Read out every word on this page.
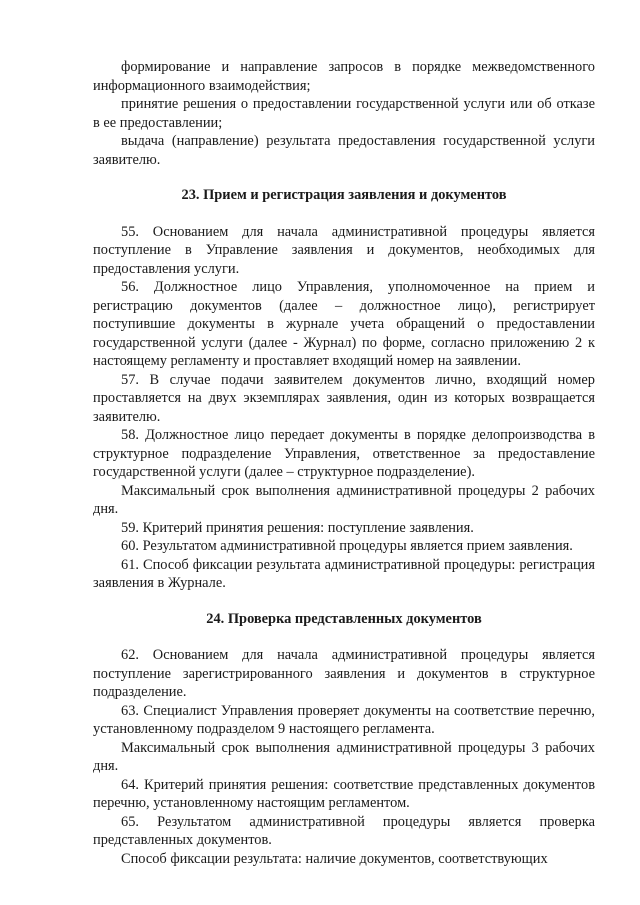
формирование и направление запросов в порядке межведомственного информационного взаимодействия;

принятие решения о предоставлении государственной услуги или об отказе в ее предоставлении;

выдача (направление) результата предоставления государственной услуги заявителю.

23. Прием и регистрация заявления и документов

55. Основанием для начала административной процедуры является поступление в Управление заявления и документов, необходимых для предоставления услуги.

56. Должностное лицо Управления, уполномоченное на прием и регистрацию документов (далее – должностное лицо), регистрирует поступившие документы в журнале учета обращений о предоставлении государственной услуги (далее - Журнал) по форме, согласно приложению 2 к настоящему регламенту и проставляет входящий номер на заявлении.

57. В случае подачи заявителем документов лично, входящий номер проставляется на двух экземплярах заявления, один из которых возвращается заявителю.

58. Должностное лицо передает документы в порядке делопроизводства в структурное подразделение Управления, ответственное за предоставление государственной услуги (далее – структурное подразделение).

Максимальный срок выполнения административной процедуры 2 рабочих дня.

59. Критерий принятия решения: поступление заявления.

60. Результатом административной процедуры является прием заявления.

61. Способ фиксации результата административной процедуры: регистрация заявления в Журнале.

24. Проверка представленных документов

62. Основанием для начала административной процедуры является поступление зарегистрированного заявления и документов в структурное подразделение.

63. Специалист Управления проверяет документы на соответствие перечню, установленному подразделом 9 настоящего регламента.

Максимальный срок выполнения административной процедуры 3 рабочих дня.

64. Критерий принятия решения: соответствие представленных документов перечню, установленному настоящим регламентом.

65. Результатом административной процедуры является проверка представленных документов.

Способ фиксации результата: наличие документов, соответствующих
